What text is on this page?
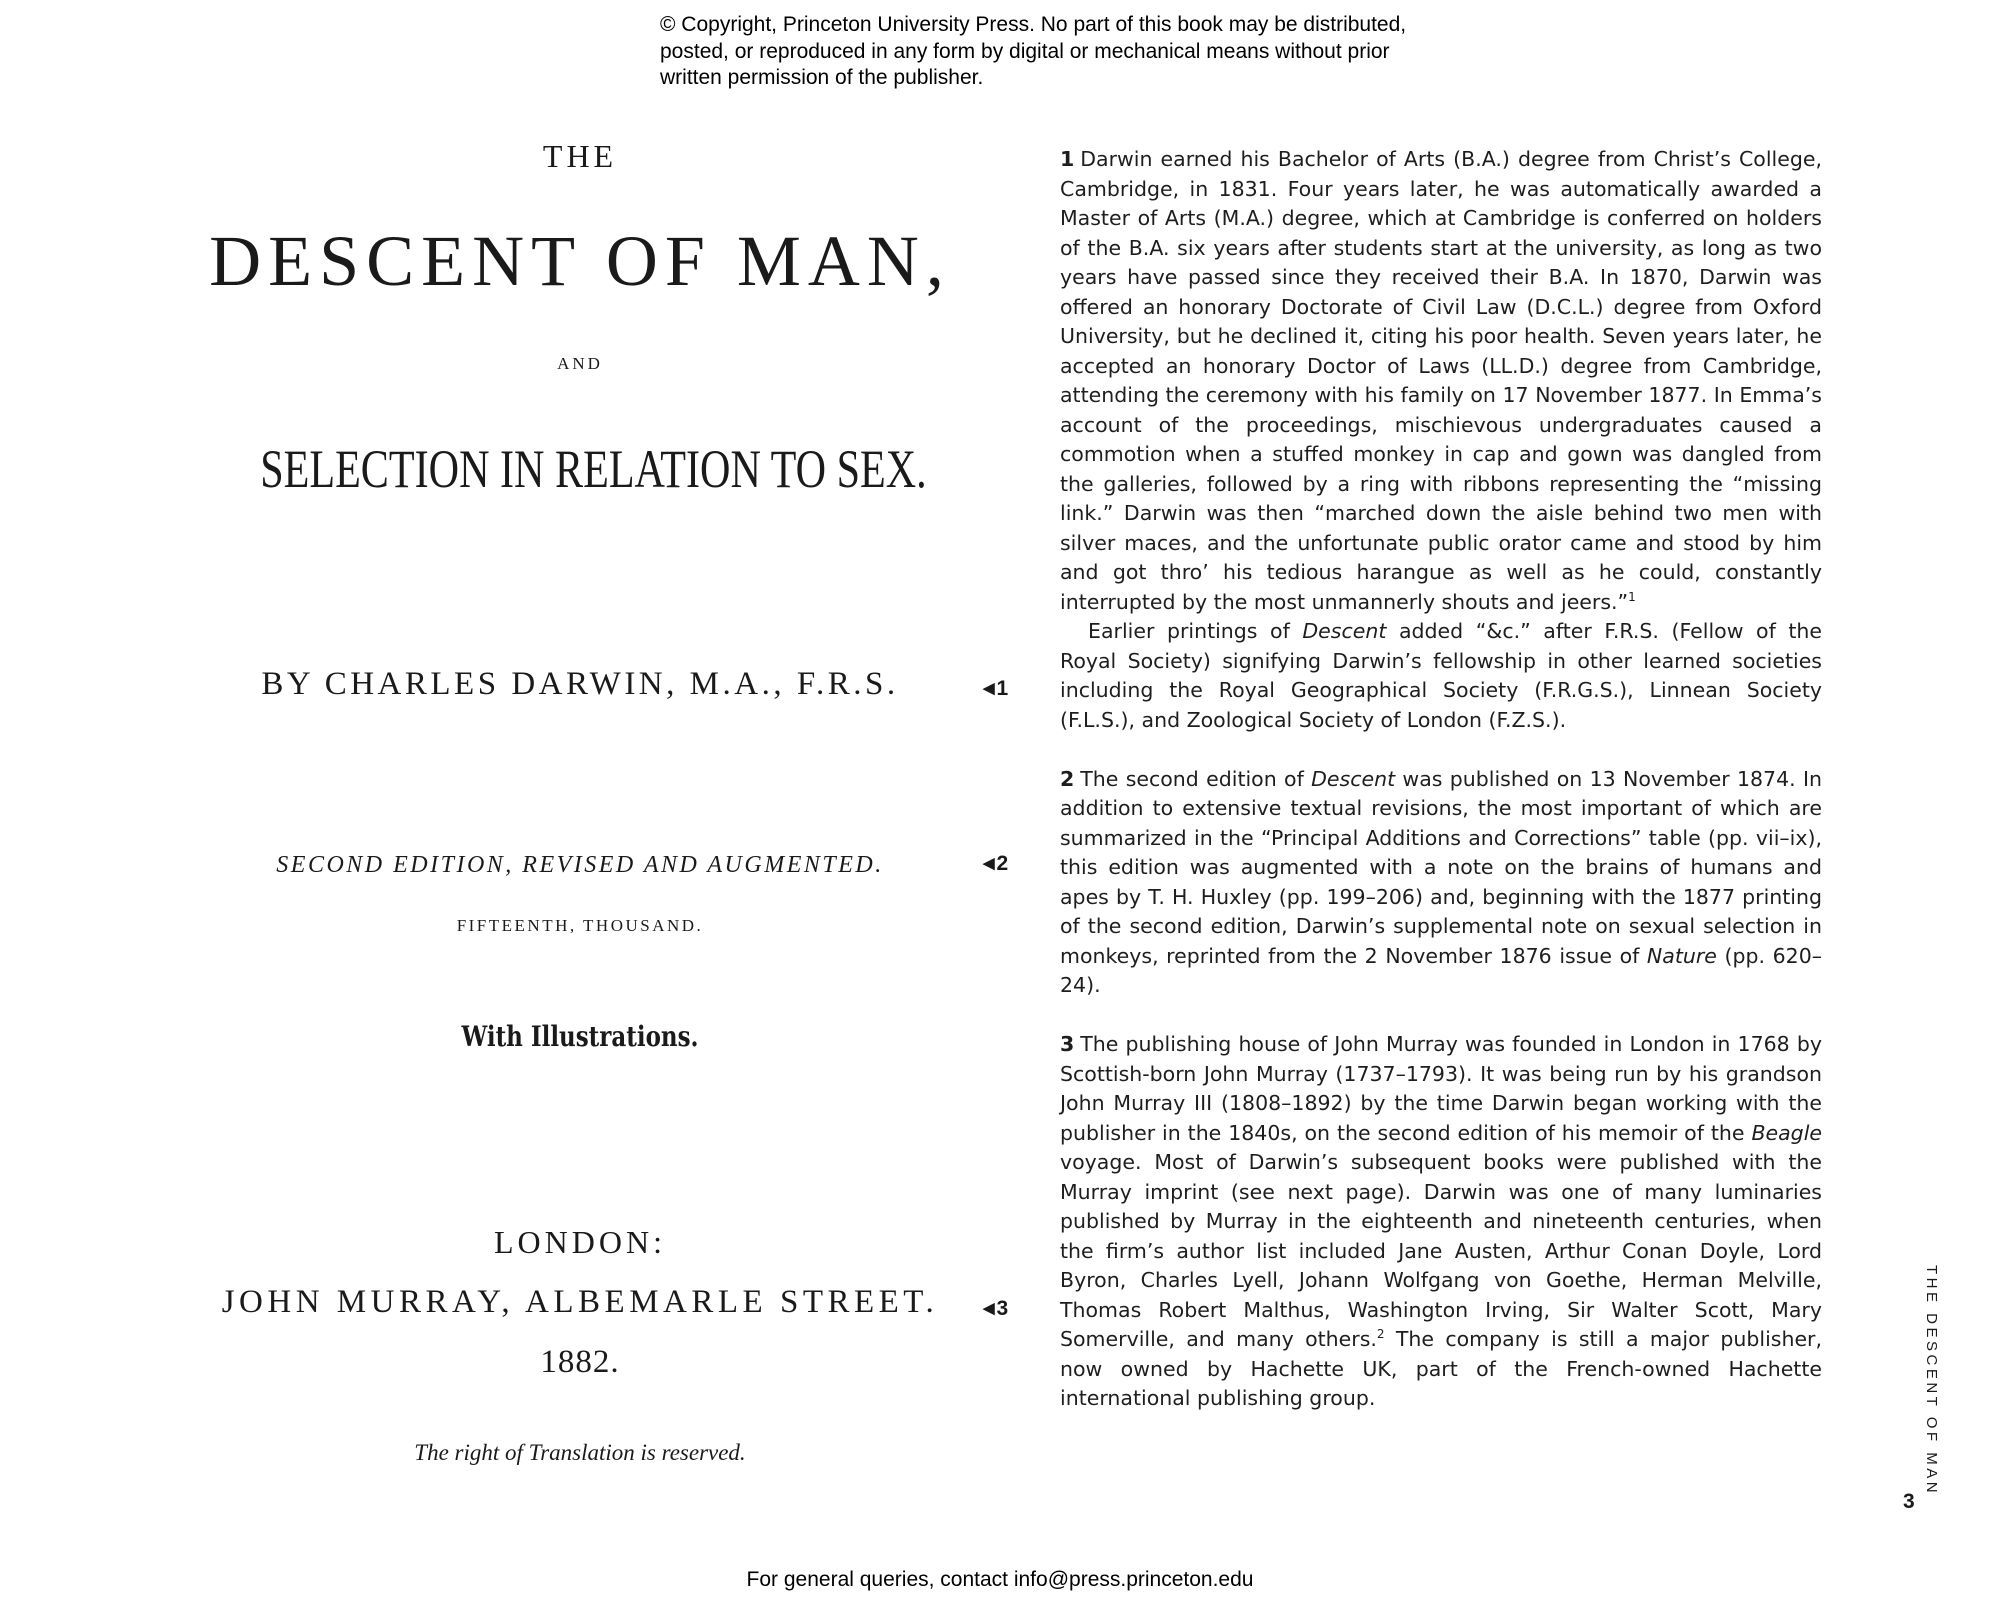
© Copyright, Princeton University Press. No part of this book may be distributed, posted, or reproduced in any form by digital or mechanical means without prior written permission of the publisher.
THE
DESCENT OF MAN,
AND
SELECTION IN RELATION TO SEX.
BY CHARLES DARWIN, M.A., F.R.S.
SECOND EDITION, REVISED AND AUGMENTED.
FIFTEENTH, THOUSAND.
With Illustrations.
LONDON:
JOHN MURRAY, ALBEMARLE STREET.
1882.
The right of Translation is reserved.
◀1
◀2
◀3

1 Darwin earned his Bachelor of Arts (B.A.) degree from Christ’s College, Cambridge, in 1831. Four years later, he was automatically awarded a Master of Arts (M.A.) degree, which at Cambridge is conferred on holders of the B.A. six years after students start at the university, as long as two years have passed since they received their B.A. In 1870, Darwin was offered an honorary Doctorate of Civil Law (D.C.L.) degree from Oxford University, but he declined it, citing his poor health. Seven years later, he accepted an honorary Doctor of Laws (LL.D.) degree from Cambridge, attending the ceremony with his family on 17 November 1877. In Emma’s account of the proceedings, mischievous undergraduates caused a commotion when a stuffed monkey in cap and gown was dangled from the galleries, followed by a ring with ribbons representing the “missing link.” Darwin was then “marched down the aisle behind two men with silver maces, and the unfortunate public orator came and stood by him and got thro’ his tedious harangue as well as he could, constantly interrupted by the most unmannerly shouts and jeers.”$^1$

Earlier printings of Descent added “&c.” after F.R.S. (Fellow of the Royal Society) signifying Darwin’s fellowship in other learned societies including the Royal Geographical Society (F.R.G.S.), Linnean Society (F.L.S.), and Zoological Society of London (F.Z.S.).

2 The second edition of Descent was published on 13 November 1874. In addition to extensive textual revisions, the most important of which are summarized in the “Principal Additions and Corrections” table (pp. vii–ix), this edition was augmented with a note on the brains of humans and apes by T. H. Huxley (pp. 199–206) and, beginning with the 1877 printing of the second edition, Darwin’s supplemental note on sexual selection in monkeys, reprinted from the 2 November 1876 issue of Nature (pp. 620–24).

3 The publishing house of John Murray was founded in London in 1768 by Scottish-born John Murray (1737–1793). It was being run by his grandson John Murray III (1808–1892) by the time Darwin began working with the publisher in the 1840s, on the second edition of his memoir of the Beagle voyage. Most of Darwin’s subsequent books were published with the Murray imprint (see next page). Darwin was one of many luminaries published by Murray in the eighteenth and nineteenth centuries, when the firm’s author list included Jane Austen, Arthur Conan Doyle, Lord Byron, Charles Lyell, Johann Wolfgang von Goethe, Herman Melville, Thomas Robert Malthus, Washington Irving, Sir Walter Scott, Mary Somerville, and many others.$^2$ The company is still a major publisher, now owned by Hachette UK, part of the French-owned Hachette international publishing group.	THE DESCENT OF MAN
3
For general queries, contact info@press.princeton.edu
